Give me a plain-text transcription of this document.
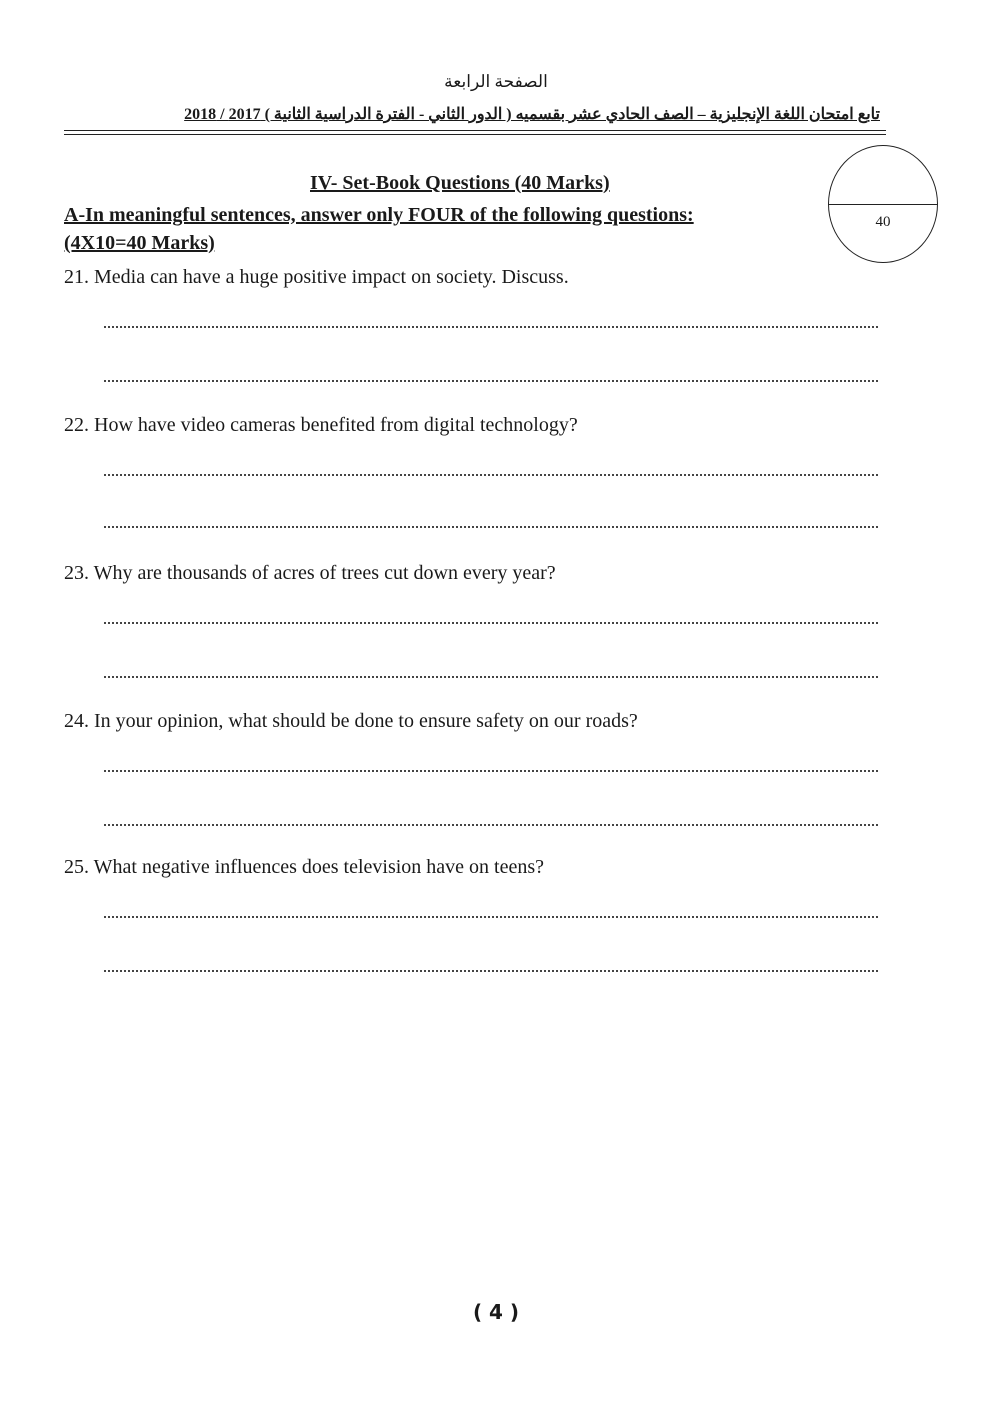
الصفحة الرابعة
تابع امتحان اللغة الإنجليزية – الصف الحادي عشر بقسميه ( الدور الثاني - الفترة الدراسية الثانية ) 2017 / 2018
40
IV- Set-Book Questions (40 Marks)
A-In meaningful sentences, answer only FOUR of the following questions:
(4X10=40 Marks)
21. Media can have a huge positive impact on society. Discuss.
22. How have video cameras benefited from digital technology?
23. Why are thousands of acres of trees cut down every year?
24. In your opinion, what should be done to ensure safety on our roads?
25. What negative influences does television have on teens?
( 4 )
